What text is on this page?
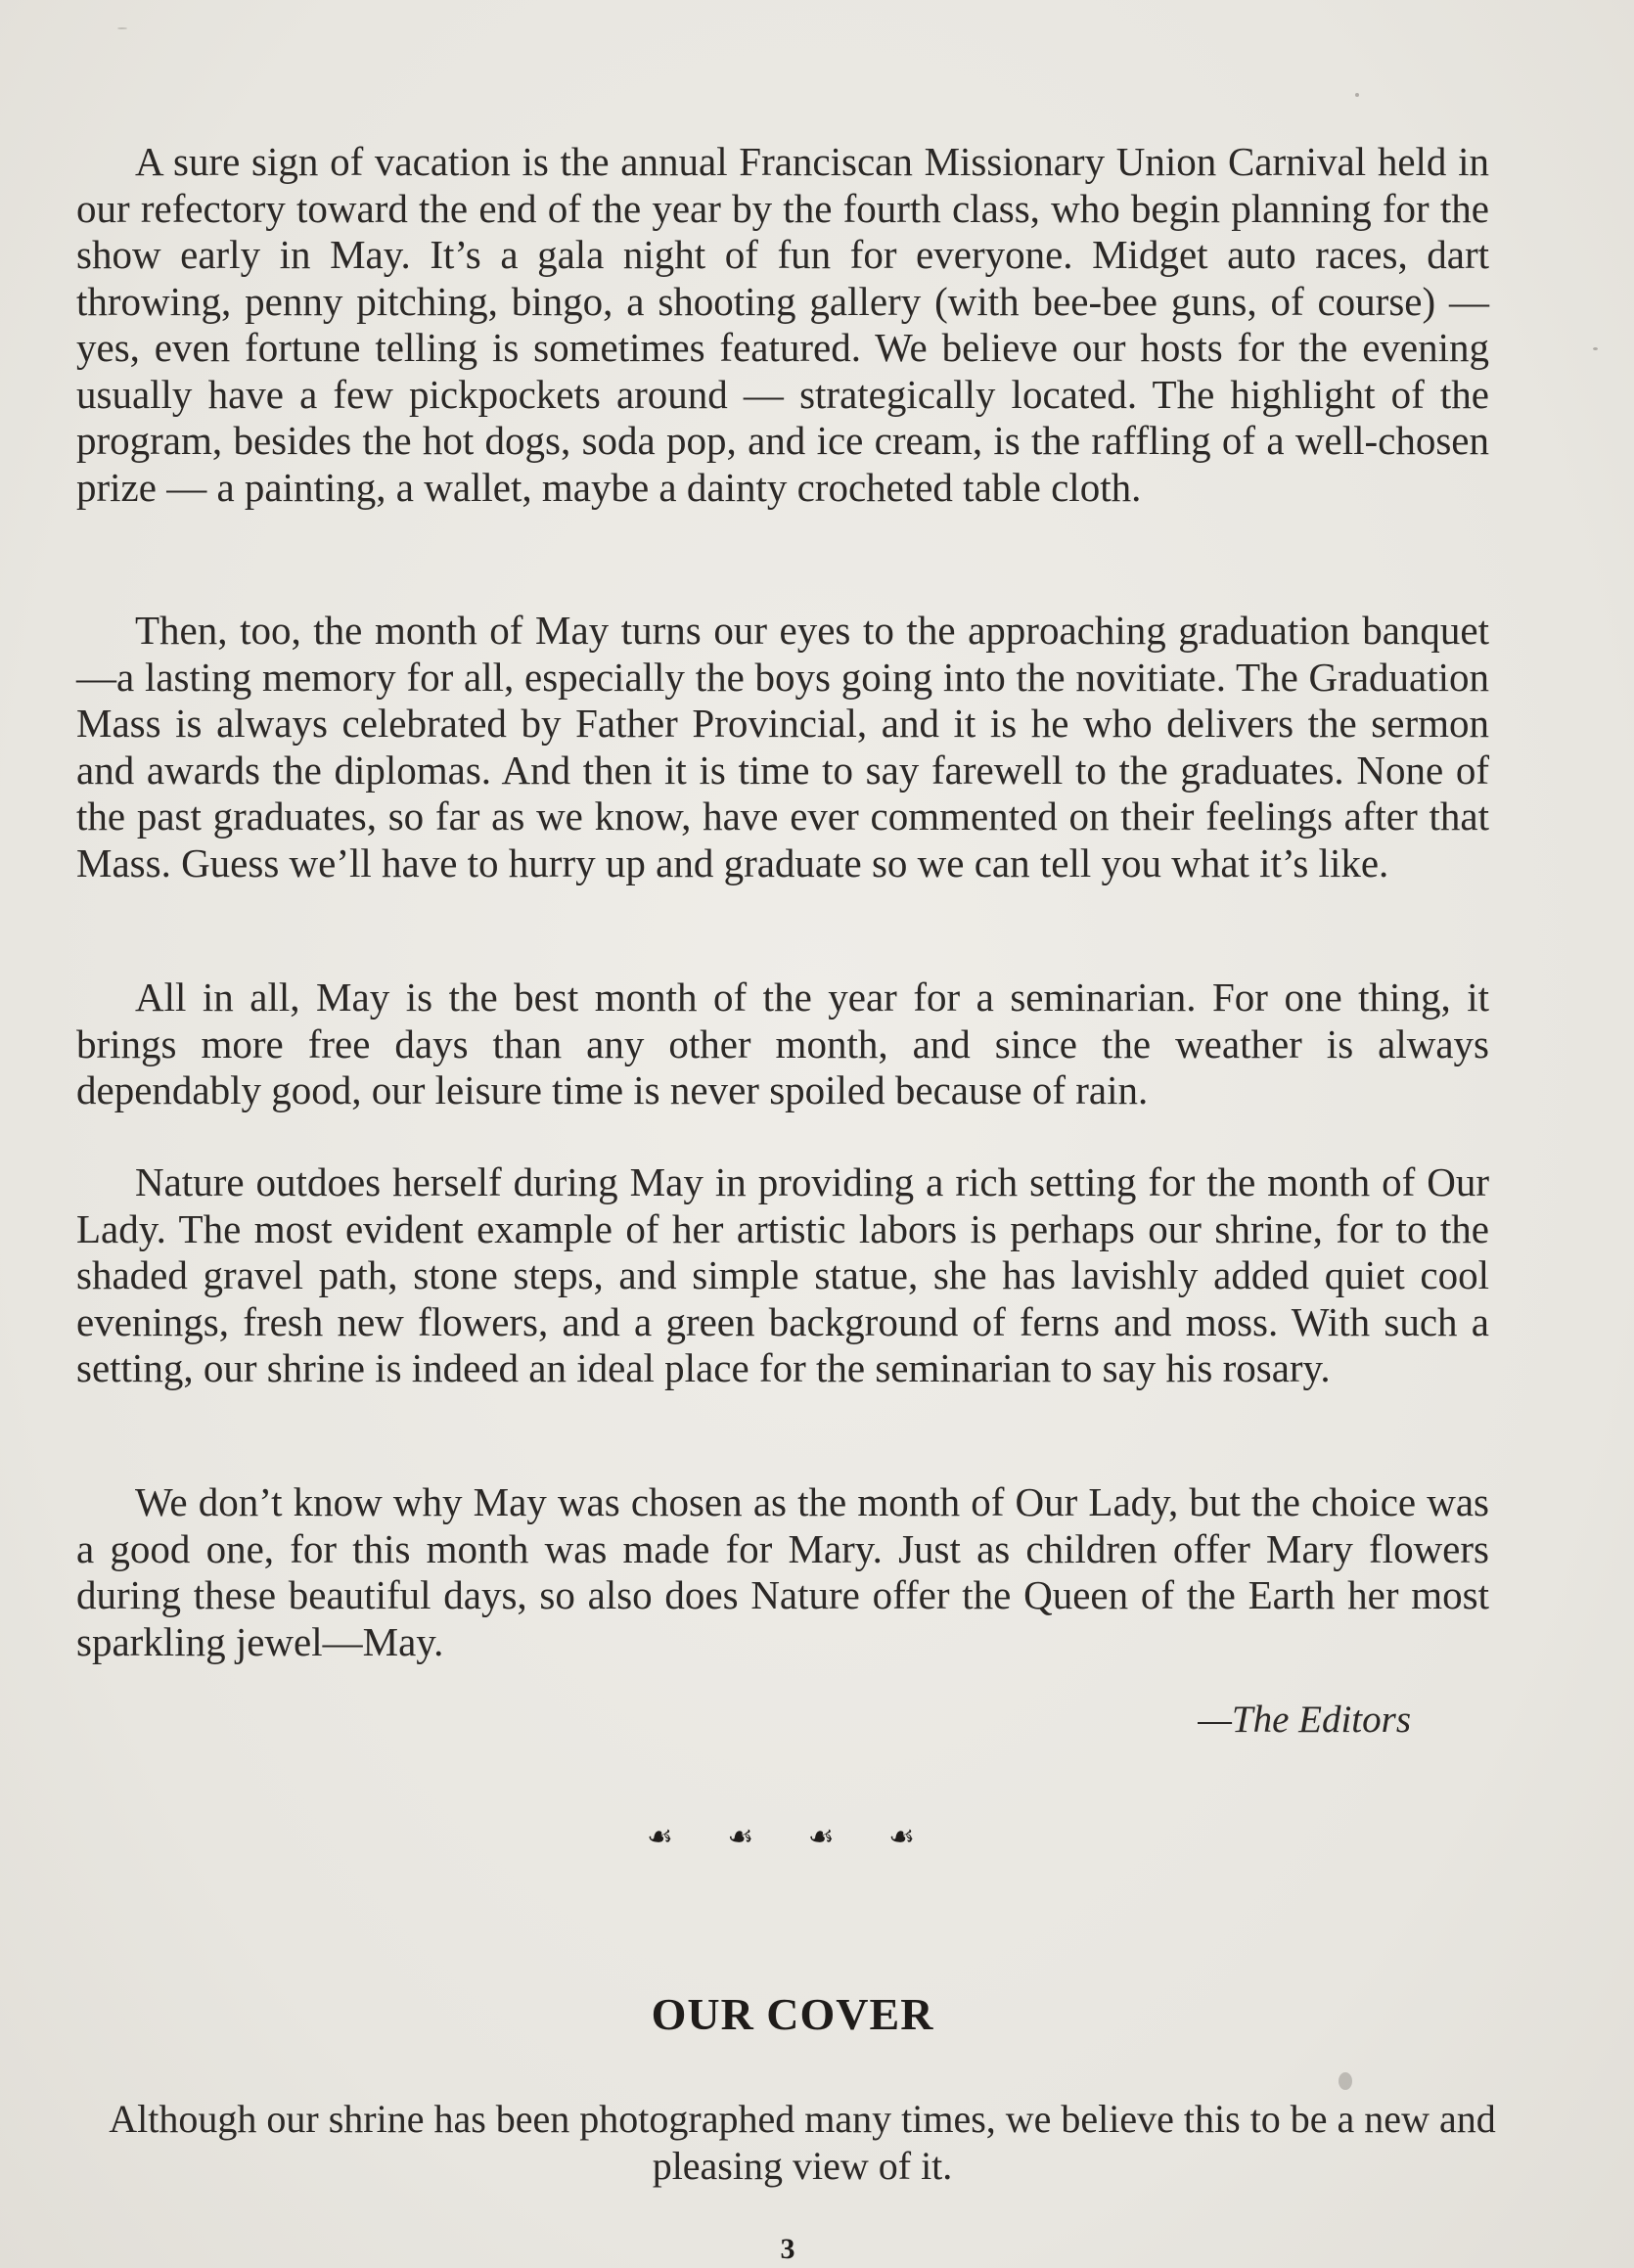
A sure sign of vacation is the annual Franciscan Missionary Union Carnival held in our refectory toward the end of the year by the fourth class, who begin planning for the show early in May. It’s a gala night of fun for everyone. Midget auto races, dart throwing, penny pitching, bingo, a shooting gallery (with bee-bee guns, of course) — yes, even fortune telling is sometimes featured. We believe our hosts for the evening usually have a few pickpockets around — strategically located. The highlight of the program, besides the hot dogs, soda pop, and ice cream, is the raffling of a well-chosen prize — a painting, a wallet, maybe a dainty crocheted table cloth.

Then, too, the month of May turns our eyes to the approaching graduation banquet—a lasting memory for all, especially the boys going into the novitiate. The Graduation Mass is always celebrated by Father Provincial, and it is he who delivers the sermon and awards the diplomas. And then it is time to say farewell to the graduates. None of the past graduates, so far as we know, have ever commented on their feelings after that Mass. Guess we’ll have to hurry up and graduate so we can tell you what it’s like.

All in all, May is the best month of the year for a seminarian. For one thing, it brings more free days than any other month, and since the weather is always dependably good, our leisure time is never spoiled because of rain.

Nature outdoes herself during May in providing a rich setting for the month of Our Lady. The most evident example of her artistic labors is perhaps our shrine, for to the shaded gravel path, stone steps, and simple statue, she has lavishly added quiet cool evenings, fresh new flowers, and a green background of ferns and moss. With such a setting, our shrine is indeed an ideal place for the seminarian to say his rosary.

We don’t know why May was chosen as the month of Our Lady, but the choice was a good one, for this month was made for Mary. Just as children offer Mary flowers during these beautiful days, so also does Nature offer the Queen of the Earth her most sparkling jewel—May.

—The Editors
☙ ☙ ☙ ☙
OUR COVER

Although our shrine has been photographed many times, we believe this to be a new and pleasing view of it.

3
